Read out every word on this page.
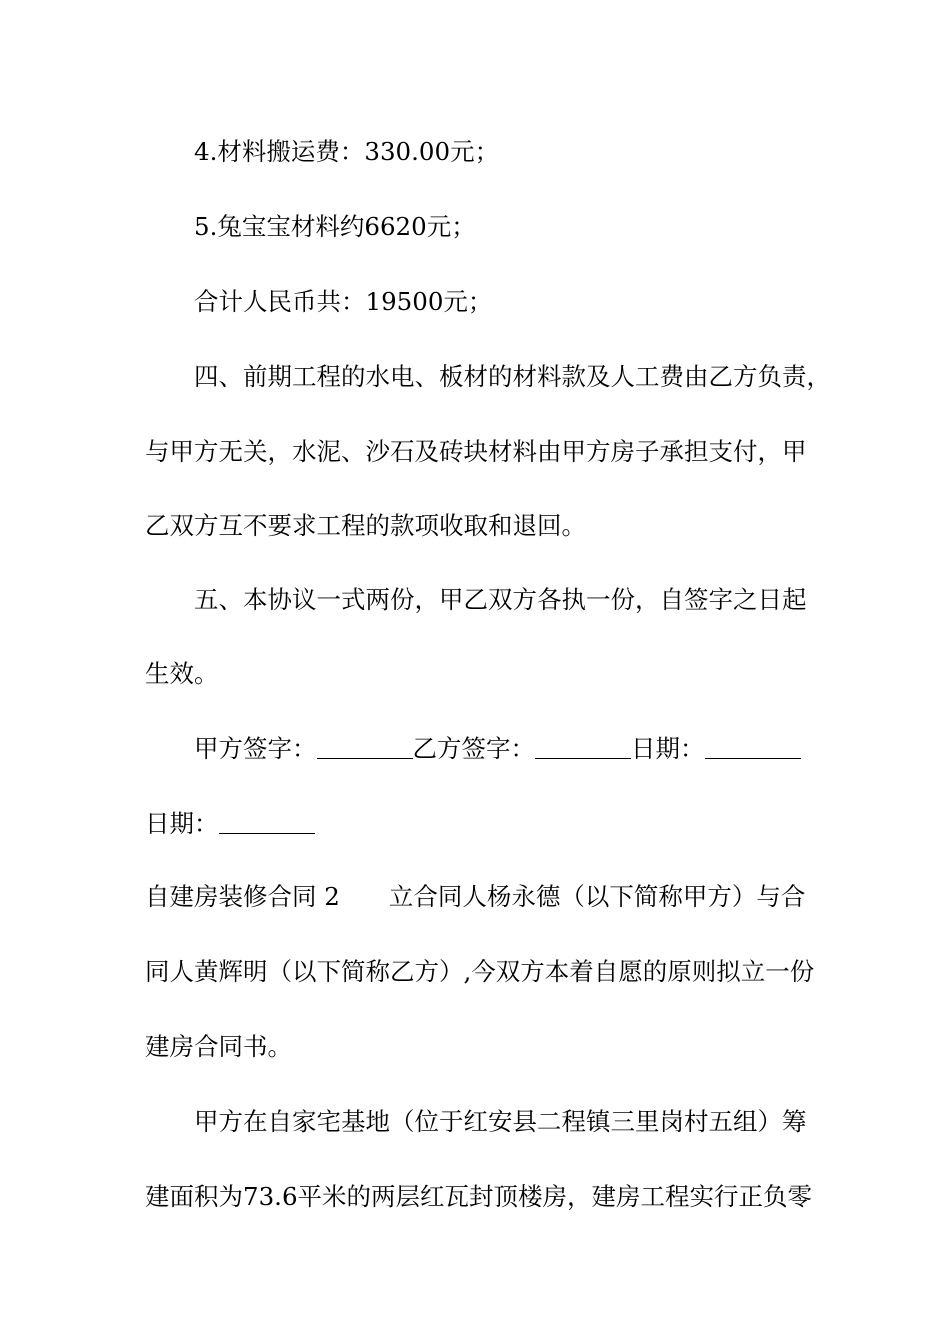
4.材料搬运费：330.00元；
5.兔宝宝材料约6620元；
合计人民币共：19500元；
四、前期工程的水电、板材的材料款及人工费由乙方负责，
与甲方无关，水泥、沙石及砖块材料由甲方房子承担支付，甲
乙双方互不要求工程的款项收取和退回。
五、本协议一式两份，甲乙双方各执一份，自签字之日起
生效。
甲方签字：	乙方签字：	日期：
日期：
自建房装修合同 2 立合同人杨永德（以下简称甲方）与合
同人黄辉明（以下简称乙方）,今双方本着自愿的原则拟立一份
建房合同书。
甲方在自家宅基地（位于红安县二程镇三里岗村五组）筹
建面积为73.6平米的两层红瓦封顶楼房，建房工程实行正负零
